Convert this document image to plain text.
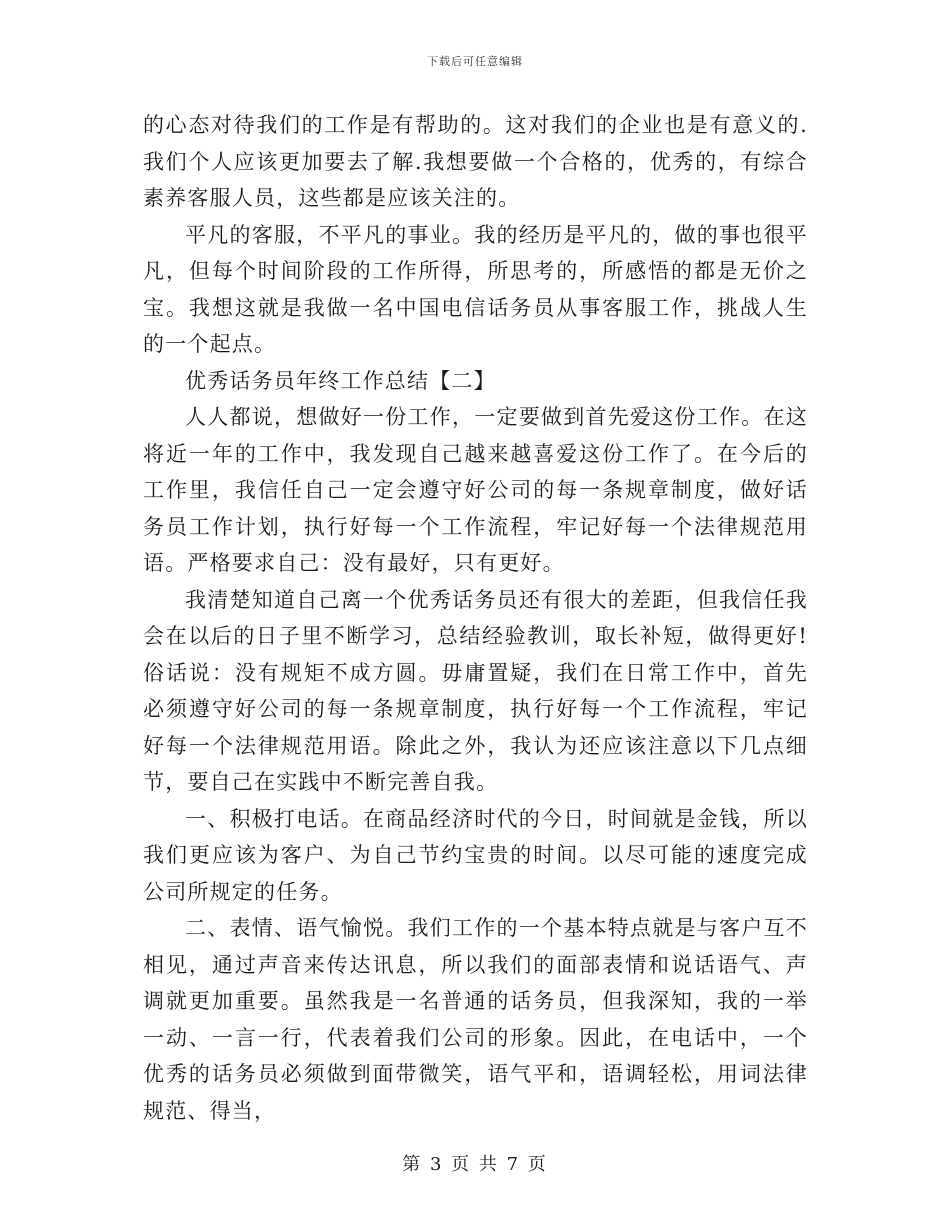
下载后可任意编辑

的心态对待我们的工作是有帮助的。这对我们的企业也是有意义的.我们个人应该更加要去了解.我想要做一个合格的，优秀的，有综合素养客服人员，这些都是应该关注的。

平凡的客服，不平凡的事业。我的经历是平凡的，做的事也很平凡，但每个时间阶段的工作所得，所思考的，所感悟的都是无价之宝。我想这就是我做一名中国电信话务员从事客服工作，挑战人生的一个起点。

优秀话务员年终工作总结【二】

人人都说，想做好一份工作，一定要做到首先爱这份工作。在这将近一年的工作中，我发现自己越来越喜爱这份工作了。在今后的工作里，我信任自己一定会遵守好公司的每一条规章制度，做好话务员工作计划，执行好每一个工作流程，牢记好每一个法律规范用语。严格要求自己：没有最好，只有更好。

我清楚知道自己离一个优秀话务员还有很大的差距，但我信任我会在以后的日子里不断学习，总结经验教训，取长补短，做得更好!俗话说：没有规矩不成方圆。毋庸置疑，我们在日常工作中，首先必须遵守好公司的每一条规章制度，执行好每一个工作流程，牢记好每一个法律规范用语。除此之外，我认为还应该注意以下几点细节，要自己在实践中不断完善自我。

一、积极打电话。在商品经济时代的今日，时间就是金钱，所以我们更应该为客户、为自己节约宝贵的时间。以尽可能的速度完成公司所规定的任务。

二、表情、语气愉悦。我们工作的一个基本特点就是与客户互不相见，通过声音来传达讯息，所以我们的面部表情和说话语气、声调就更加重要。虽然我是一名普通的话务员，但我深知，我的一举一动、一言一行，代表着我们公司的形象。因此，在电话中，一个优秀的话务员必须做到面带微笑，语气平和，语调轻松，用词法律规范、得当，

第 3 页 共 7 页
